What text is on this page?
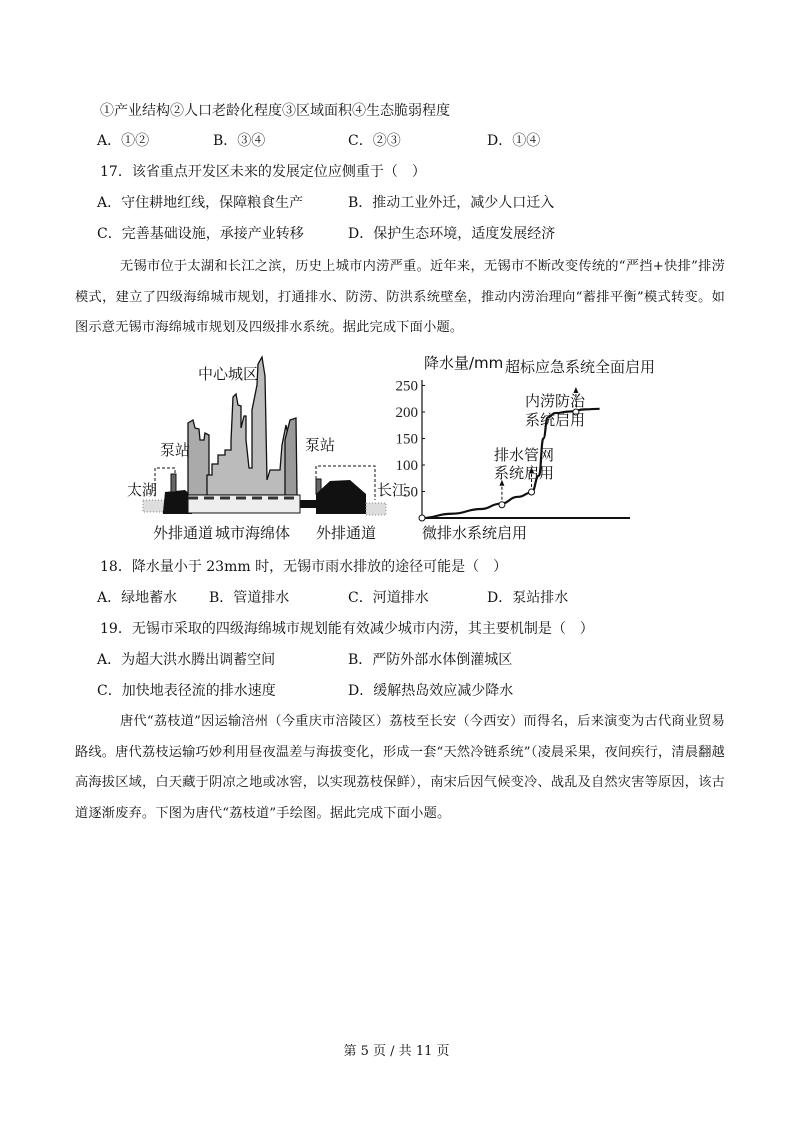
①产业结构②人口老龄化程度③区域面积④生态脆弱程度
A．①②	B．③④	C．②③	D．①④
17．该省重点开发区未来的发展定位应侧重于（　）
A．守住耕地红线，保障粮食生产	B．推动工业外迁，减少人口迁入
C．完善基础设施，承接产业转移	D．保护生态环境，适度发展经济
无锡市位于太湖和长江之滨，历史上城市内涝严重。近年来，无锡市不断改变传统的“严挡+快排”排涝模式，建立了四级海绵城市规划，打通排水、防涝、防洪系统壁垒，推动内涝治理向“蓄排平衡”模式转变。如图示意无锡市海绵城市规划及四级排水系统。据此完成下面小题。
中心城区
泵站	泵站
太湖	长江
外排通道 城市海绵体 外排通道
降水量/mm
50
100
150
200
250
微排水系统启用
排水管网
系统启用
内涝防治
系统启用
超标应急系统全面启用
18．降水量小于 23mm 时，无锡市雨水排放的途径可能是（　）
A．绿地蓄水 B．管道排水	C．河道排水	D．泵站排水
19．无锡市采取的四级海绵城市规划能有效减少城市内涝，其主要机制是（　）
A．为超大洪水腾出调蓄空间	B．严防外部水体倒灌城区
C．加快地表径流的排水速度	D．缓解热岛效应减少降水
唐代“荔枝道”因运输涪州（今重庆市涪陵区）荔枝至长安（今西安）而得名，后来演变为古代商业贸易路线。唐代荔枝运输巧妙利用昼夜温差与海拔变化，形成一套“天然冷链系统”（凌晨采果，夜间疾行，清晨翻越高海拔区域，白天藏于阴凉之地或冰窖，以实现荔枝保鲜），南宋后因气候变冷、战乱及自然灾害等原因，该古道逐渐废弃。下图为唐代“荔枝道”手绘图。据此完成下面小题。
第 5 页 / 共 11 页
